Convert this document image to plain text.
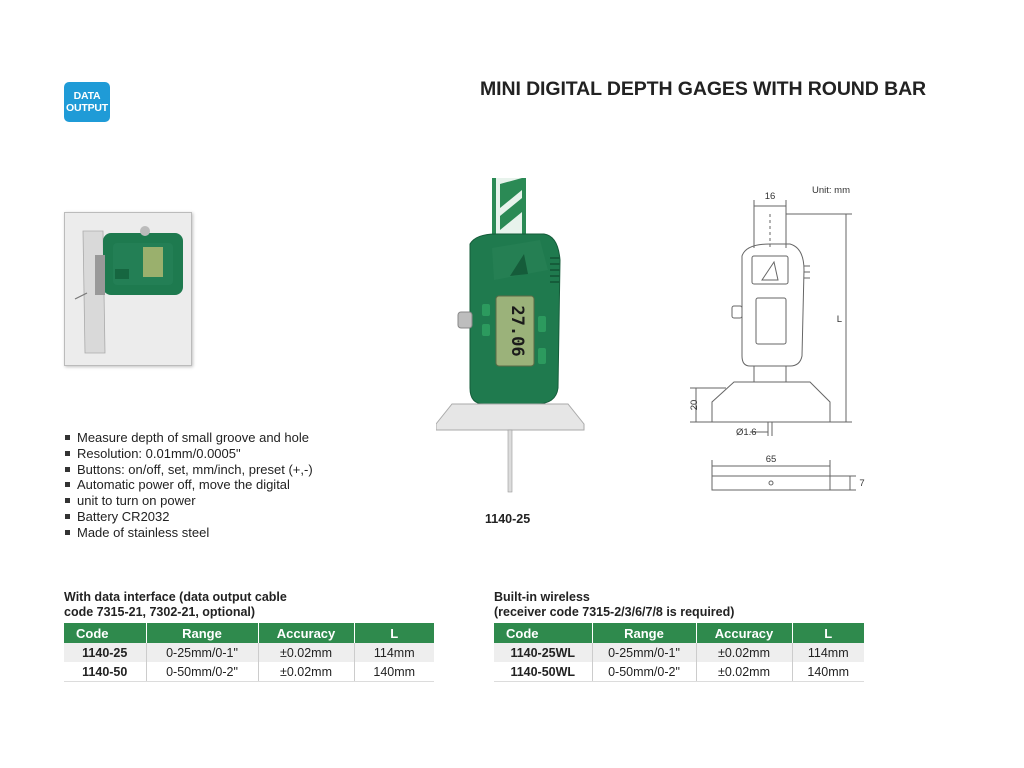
DATA
OUTPUT
MINI DIGITAL DEPTH GAGES WITH ROUND BAR
27.06
1140-25
Unit: mm
16
L
20
Ø1.6
65
7
Measure depth of small groove and hole
Resolution: 0.01mm/0.0005"
Buttons: on/off, set, mm/inch, preset (+,-)
Automatic power off, move the digital
unit to turn on power
Battery CR2032
Made of stainless steel
With data interface (data output cable
code 7315-21, 7302-21, optional)
Code	Range	Accuracy	L
1140-25	0-25mm/0-1"	±0.02mm	114mm
1140-50	0-50mm/0-2"	±0.02mm	140mm
Built-in wireless
(receiver code 7315-2/3/6/7/8 is required)
Code	Range	Accuracy	L
1140-25WL	0-25mm/0-1"	±0.02mm	114mm
1140-50WL	0-50mm/0-2"	±0.02mm	140mm
